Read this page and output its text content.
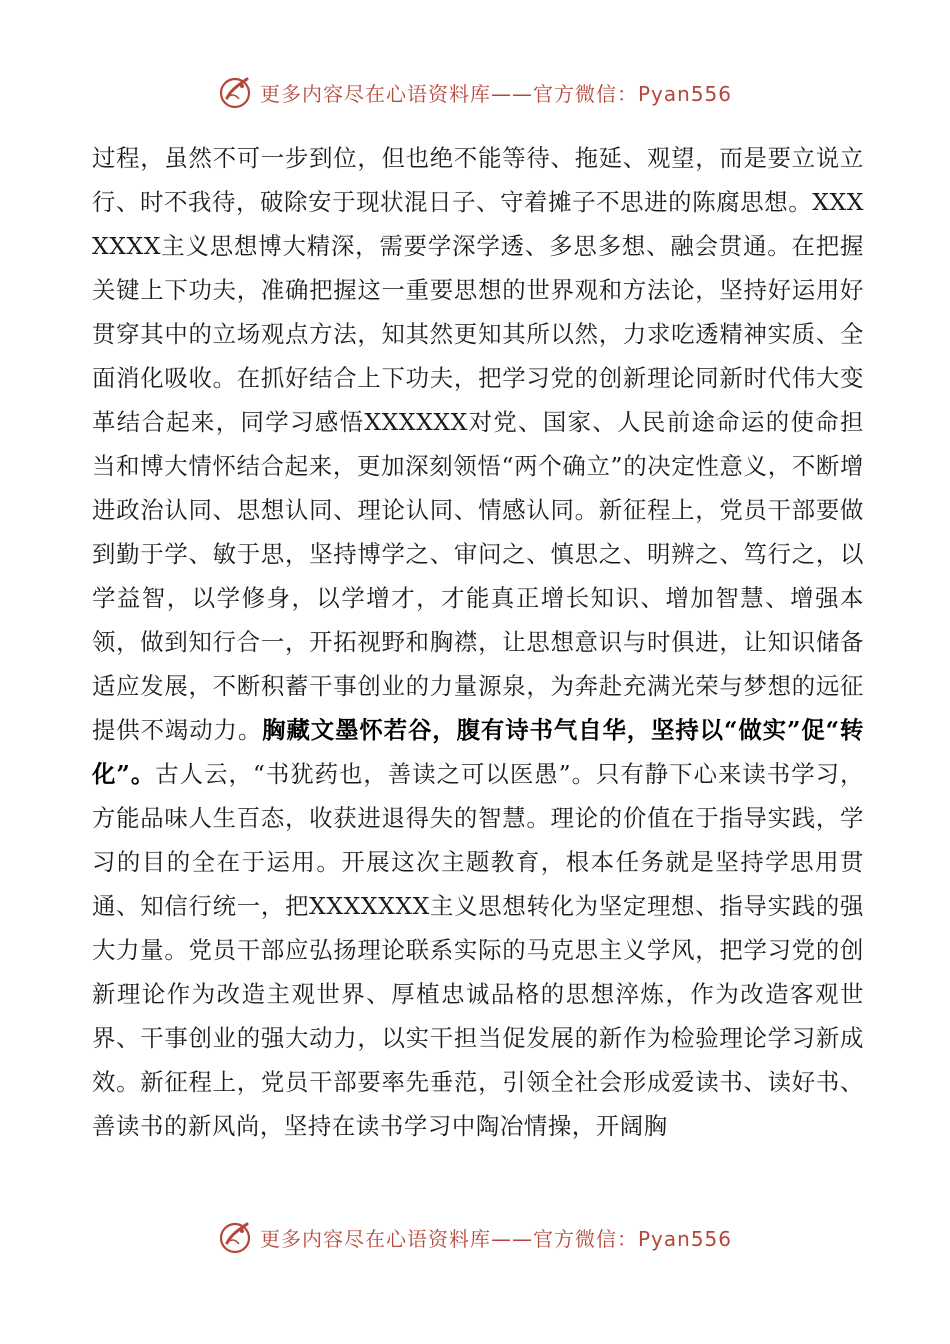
更多内容尽在心语资料库——官方微信：Pyan556
过程，虽然不可一步到位，但也绝不能等待、拖延、观望，而是要立说立行、时不我待，破除安于现状混日子、守着摊子不思进的陈腐思想。XXXXXXX主义思想博大精深，需要学深学透、多思多想、融会贯通。在把握关键上下功夫，准确把握这一重要思想的世界观和方法论，坚持好运用好贯穿其中的立场观点方法，知其然更知其所以然，力求吃透精神实质、全面消化吸收。在抓好结合上下功夫，把学习党的创新理论同新时代伟大变革结合起来，同学习感悟XXXXXX对党、国家、人民前途命运的使命担当和博大情怀结合起来，更加深刻领悟“两个确立”的决定性意义，不断增进政治认同、思想认同、理论认同、情感认同。新征程上，党员干部要做到勤于学、敏于思，坚持博学之、审问之、慎思之、明辨之、笃行之，以学益智，以学修身，以学增才，才能真正增长知识、增加智慧、增强本领，做到知行合一，开拓视野和胸襟，让思想意识与时俱进，让知识储备适应发展，不断积蓄干事创业的力量源泉，为奔赴充满光荣与梦想的远征提供不竭动力。胸藏文墨怀若谷，腹有诗书气自华，坚持以“做实”促“转化”。古人云，“书犹药也，善读之可以医愚”。只有静下心来读书学习，方能品味人生百态，收获进退得失的智慧。理论的价值在于指导实践，学习的目的全在于运用。开展这次主题教育，根本任务就是坚持学思用贯通、知信行统一，把XXXXXXX主义思想转化为坚定理想、指导实践的强大力量。党员干部应弘扬理论联系实际的马克思主义学风，把学习党的创新理论作为改造主观世界、厚植忠诚品格的思想淬炼，作为改造客观世界、干事创业的强大动力，以实干担当促发展的新作为检验理论学习新成效。新征程上，党员干部要率先垂范，引领全社会形成爱读书、读好书、善读书的新风尚，坚持在读书学习中陶冶情操，开阔胸
更多内容尽在心语资料库——官方微信：Pyan556
